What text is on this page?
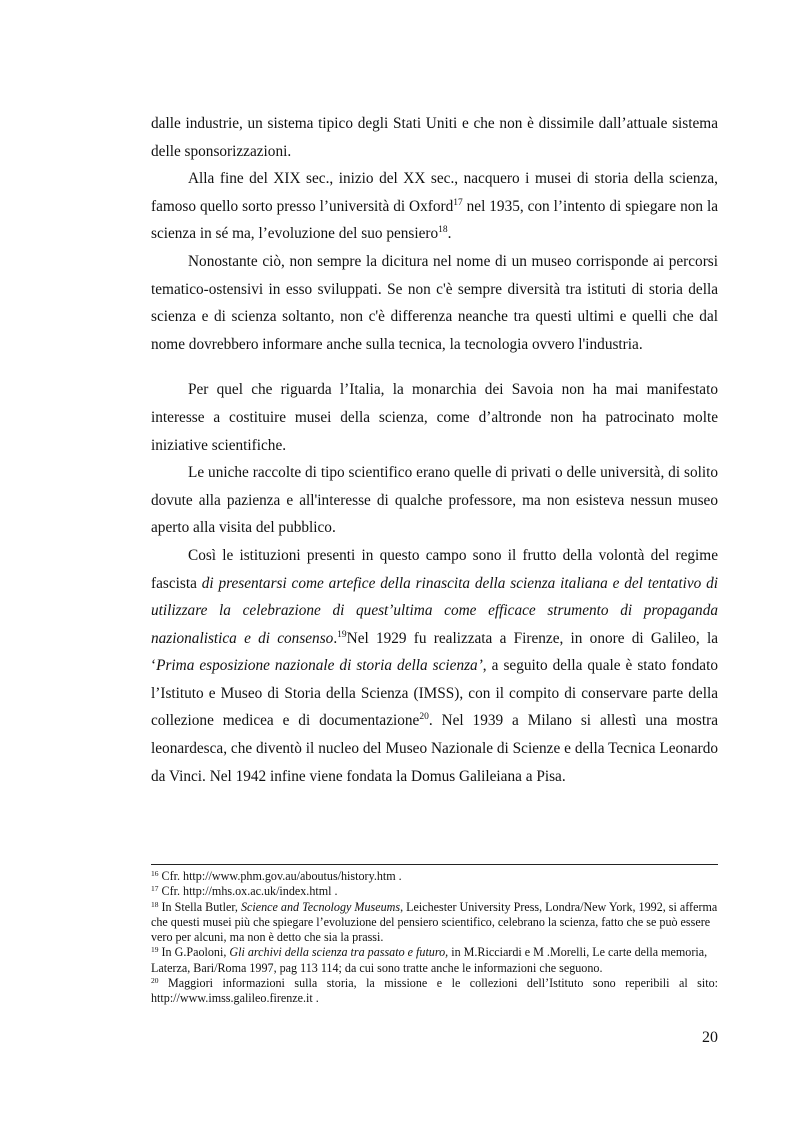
dalle industrie, un sistema tipico degli Stati Uniti e che non è dissimile dall’attuale sistema delle sponsorizzazioni.

Alla fine del XIX sec., inizio del XX sec., nacquero i musei di storia della scienza, famoso quello sorto presso l’università di Oxford$^{17}$ nel 1935, con l’intento di spiegare non la scienza in sé ma, l’evoluzione del suo pensiero$^{18}$.

Nonostante ciò, non sempre la dicitura nel nome di un museo corrisponde ai percorsi tematico-ostensivi in esso sviluppati. Se non c'è sempre diversità tra istituti di storia della scienza e di scienza soltanto, non c'è differenza neanche tra questi ultimi e quelli che dal nome dovrebbero informare anche sulla tecnica, la tecnologia ovvero l'industria.

Per quel che riguarda l’Italia, la monarchia dei Savoia non ha mai manifestato interesse a costituire musei della scienza, come d’altronde non ha patrocinato molte iniziative scientifiche.

Le uniche raccolte di tipo scientifico erano quelle di privati o delle università, di solito dovute alla pazienza e all'interesse di qualche professore, ma non esisteva nessun museo aperto alla visita del pubblico.

Così le istituzioni presenti in questo campo sono il frutto della volontà del regime fascista di presentarsi come artefice della rinascita della scienza italiana e del tentativo di utilizzare la celebrazione di quest’ultima come efficace strumento di propaganda nazionalistica e di consenso.$^{19}$Nel 1929 fu realizzata a Firenze, in onore di Galileo, la ‘Prima esposizione nazionale di storia della scienza’, a seguito della quale è stato fondato l’Istituto e Museo di Storia della Scienza (IMSS), con il compito di conservare parte della collezione medicea e di documentazione$^{20}$. Nel 1939 a Milano si allestì una mostra leonardesca, che diventò il nucleo del Museo Nazionale di Scienze e della Tecnica Leonardo da Vinci. Nel 1942 infine viene fondata la Domus Galileiana a Pisa.

$^{16}$ Cfr. http://www.phm.gov.au/aboutus/history.htm .

$^{17}$ Cfr. http://mhs.ox.ac.uk/index.html .

$^{18}$ In Stella Butler, Science and Tecnology Museums, Leichester University Press, Londra/New York, 1992, si afferma che questi musei più che spiegare l’evoluzione del pensiero scientifico, celebrano la scienza, fatto che se può essere vero per alcuni, ma non è detto che sia la prassi.

$^{19}$ In G.Paoloni, Gli archivi della scienza tra passato e futuro, in M.Ricciardi e M .Morelli, Le carte della memoria, Laterza, Bari/Roma 1997, pag 113 114; da cui sono tratte anche le informazioni che seguono.

$^{20}$ Maggiori informazioni sulla storia, la missione e le collezioni dell’Istituto sono reperibili al sito: http://www.imss.galileo.firenze.it .

20
